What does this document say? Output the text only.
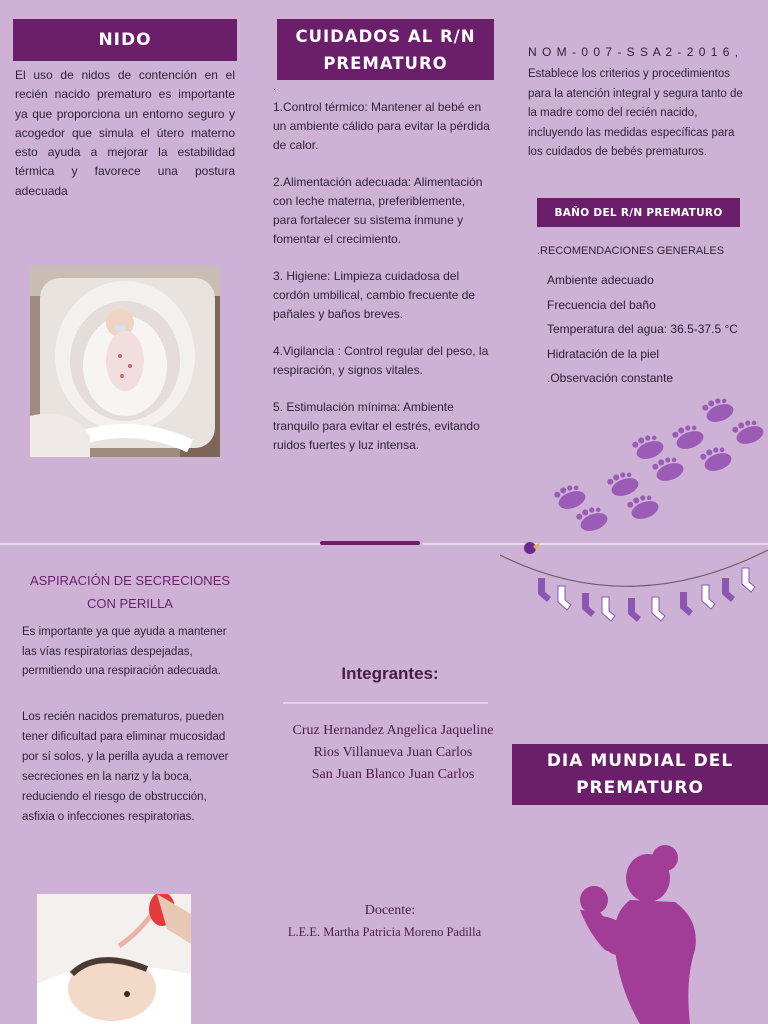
NIDO

El uso de nidos de contención en el recién nacido prematuro es importante ya que proporciona un entorno seguro y acogedor que simula el útero materno esto ayuda a mejorar la estabilidad térmica y favorece una postura adecuada

CUIDADOS AL R/N
PREMATURO
.

1.Control térmico: Mantener al bebé en un ambiente cálido para evitar la pérdida de calor.

2.Alimentación adecuada: Alimentación con leche materna, preferiblemente, para fortalecer su sistema inmune y fomentar el crecimiento.

3. Higiene: Limpieza cuidadosa del cordón umbilical, cambio frecuente de pañales y baños breves.

4.Vigilancia : Control regular del peso, la respiración, y signos vitales.

5. Estimulación mínima: Ambiente tranquilo para evitar el estrés, evitando ruidos fuertes y luz intensa.

N O M - 0 0 7 - S S A 2 - 2 0 1 6 ,

Establece los criterios y procedimientos para la atención integral y segura tanto de la madre como del recién nacido, incluyendo las medidas específicas para los cuidados de bebés prematuros.

BAÑO DEL R/N PREMATURO
.RECOMENDACIONES GENERALES

Ambiente adecuado

Frecuencia del baño

Temperatura del agua: 36.5-37.5 °C

Hidratación de la piel

.Observación constante

ASPIRACIÓN DE SECRECIONES
CON PERILLA

Es importante ya que ayuda a mantener las vías respiratorias despejadas, permitiendo una respiración adecuada.

Los recién nacidos prematuros, pueden tener dificultad para eliminar mucosidad por sí solos, y la perilla ayuda a remover secreciones en la nariz y la boca, reduciendo el riesgo de obstrucción, asfixia o infecciones respiratorias.

Integrantes:

Cruz Hernandez Angelica Jaqueline

Rios Villanueva Juan Carlos

San Juan Blanco Juan Carlos

Docente:
L.E.E. Martha Patricia Moreno Padilla
DIA MUNDIAL DEL
PREMATURO
